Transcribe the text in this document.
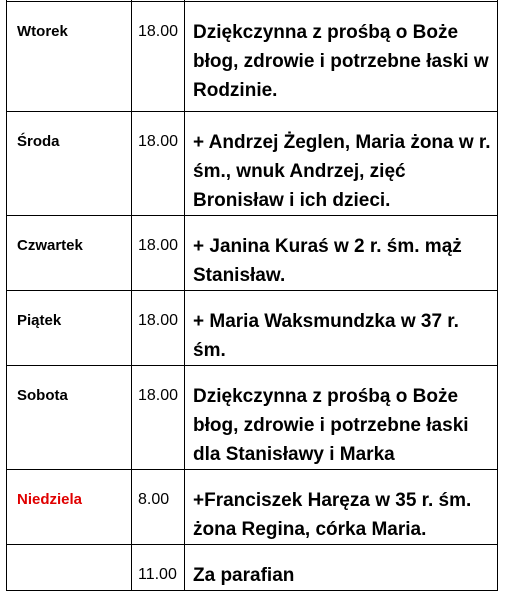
Wtorek	18.00	Dziękczynna z prośbą o Boże błog, zdrowie i potrzebne łaski w Rodzinie.
Środa	18.00	+ Andrzej Żeglen, Maria żona w r. śm., wnuk Andrzej, zięć Bronisław i ich dzieci.
Czwartek	18.00	+ Janina Kuraś w 2 r. śm. mąż Stanisław.
Piątek	18.00	+ Maria Waksmundzka w 37 r. śm.
Sobota	18.00	Dziękczynna z prośbą o Boże błog, zdrowie i potrzebne łaski dla Stanisławy i Marka
Niedziela	8.00	+Franciszek Haręza w 35 r. śm. żona Regina, córka Maria.
	11.00	Za parafian
